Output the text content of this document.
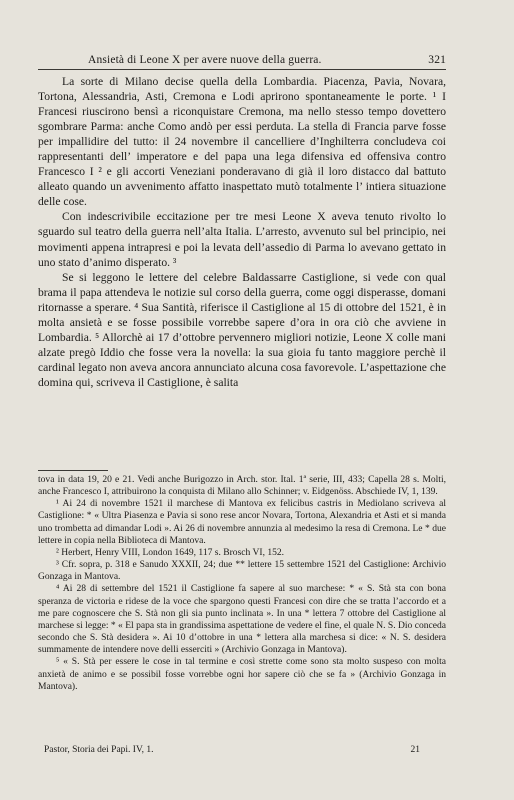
Ansietà di Leone X per avere nuove della guerra.	321

La sorte di Milano decise quella della Lombardia. Piacenza, Pavia, Novara, Tortona, Alessandria, Asti, Cremona e Lodi aprirono spontaneamente le porte. ¹ I Francesi riuscirono bensì a riconquistare Cremona, ma nello stesso tempo dovettero sgombrare Parma: anche Como andò per essi perduta. La stella di Francia parve fosse per impallidire del tutto: il 24 novembre il cancelliere d’Inghilterra concludeva coi rappresentanti dell’ imperatore e del papa una lega difensiva ed offensiva contro Francesco I ² e gli accorti Veneziani ponderavano di già il loro distacco dal battuto alleato quando un avvenimento affatto inaspettato mutò totalmente l’ intiera situazione delle cose.

Con indescrivibile eccitazione per tre mesi Leone X aveva tenuto rivolto lo sguardo sul teatro della guerra nell’alta Italia. L’arresto, avvenuto sul bel principio, nei movimenti appena intrapresi e poi la levata dell’assedio di Parma lo avevano gettato in uno stato d’animo disperato. ³

Se si leggono le lettere del celebre Baldassarre Castiglione, si vede con qual brama il papa attendeva le notizie sul corso della guerra, come oggi disperasse, domani ritornasse a sperare. ⁴ Sua Santità, riferisce il Castiglione al 15 di ottobre del 1521, è in molta ansietà e se fosse possibile vorrebbe sapere d’ora in ora ciò che avviene in Lombardia. ⁵ Allorchè ai 17 d’ottobre pervennero migliori notizie, Leone X colle mani alzate pregò Iddio che fosse vera la novella: la sua gioia fu tanto maggiore perchè il cardinal legato non aveva ancora annunciato alcuna cosa favorevole. L’aspettazione che domina qui, scriveva il Castiglione, è salita

tova in data 19, 20 e 21. Vedi anche Burigozzo in Arch. stor. Ital. 1ª serie, III, 433; Capella 28 s. Molti, anche Francesco I, attribuirono la conquista di Milano allo Schinner; v. Eidgenöss. Abschiede IV, 1, 139.

¹ Ai 24 di novembre 1521 il marchese di Mantova ex felicibus castris in Mediolano scriveva al Castiglione: * « Ultra Piasenza e Pavia si sono rese ancor Novara, Tortona, Alexandria et Asti et si manda uno trombetta ad dimandar Lodi ». Ai 26 di novembre annunzia al medesimo la resa di Cremona. Le * due lettere in copia nella Biblioteca di Mantova.

² Herbert, Henry VIII, London 1649, 117 s. Brosch VI, 152.

³ Cfr. sopra, p. 318 e Sanudo XXXII, 24; due ** lettere 15 settembre 1521 del Castiglione: Archivio Gonzaga in Mantova.

⁴ Ai 28 di settembre del 1521 il Castiglione fa sapere al suo marchese: * « S. Stà sta con bona speranza de victoria e ridese de la voce che spargono questi Francesi con dire che se tratta l’accordo et a me pare cognoscere che S. Stà non gli sia punto inclinata ». In una * lettera 7 ottobre del Castiglione al marchese si legge: * « El papa sta in grandissima aspettatione de vedere el fine, el quale N. S. Dio conceda secondo che S. Stà desidera ». Ai 10 d’ottobre in una * lettera alla marchesa si dice: « N. S. desidera summamente de intendere nove delli esserciti » (Archivio Gonzaga in Mantova).

⁵ « S. Stà per essere le cose in tal termine e così strette come sono sta molto suspeso con molta anxietà de animo e se possibil fosse vorrebbe ogni hor sapere ciò che se fa » (Archivio Gonzaga in Mantova).

Pastor, Storia dei Papi. IV, 1.	21
